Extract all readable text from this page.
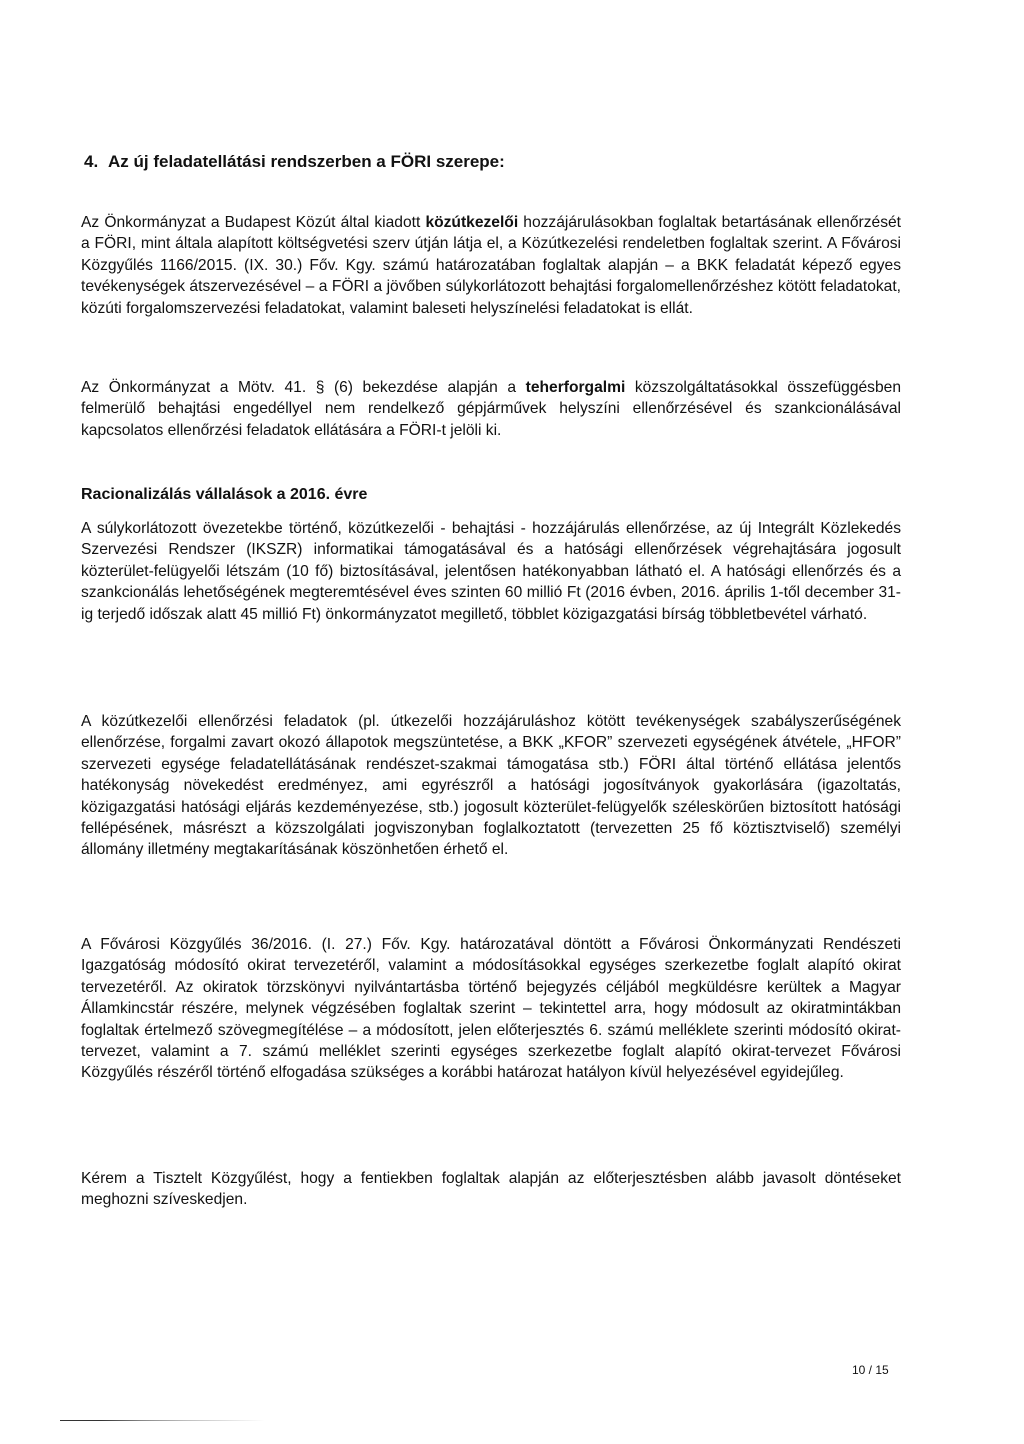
4. Az új feladatellátási rendszerben a FÖRI szerepe:

Az Önkormányzat a Budapest Közút által kiadott közútkezelői hozzájárulásokban foglaltak betartásának ellenőrzését a FÖRI, mint általa alapított költségvetési szerv útján látja el, a Közútkezelési rendeletben foglaltak szerint. A Fővárosi Közgyűlés 1166/2015. (IX. 30.) Főv. Kgy. számú határozatában foglaltak alapján – a BKK feladatát képező egyes tevékenységek átszervezésével – a FÖRI a jövőben súlykorlátozott behajtási forgalomellenőrzéshez kötött feladatokat, közúti forgalomszervezési feladatokat, valamint baleseti helyszínelési feladatokat is ellát.

Az Önkormányzat a Mötv. 41. § (6) bekezdése alapján a teherforgalmi közszolgáltatásokkal összefüggésben felmerülő behajtási engedéllyel nem rendelkező gépjárművek helyszíni ellenőrzésével és szankcionálásával kapcsolatos ellenőrzési feladatok ellátására a FÖRI-t jelöli ki.

Racionalizálás vállalások a 2016. évre

A súlykorlátozott övezetekbe történő, közútkezelői - behajtási - hozzájárulás ellenőrzése, az új Integrált Közlekedés Szervezési Rendszer (IKSZR) informatikai támogatásával és a hatósági ellenőrzések végrehajtására jogosult közterület-felügyelői létszám (10 fő) biztosításával, jelentősen hatékonyabban látható el. A hatósági ellenőrzés és a szankcionálás lehetőségének megteremtésével éves szinten 60 millió Ft (2016 évben, 2016. április 1-től december 31-ig terjedő időszak alatt 45 millió Ft) önkormányzatot megillető, többlet közigazgatási bírság többletbevétel várható.

A közútkezelői ellenőrzési feladatok (pl. útkezelői hozzájáruláshoz kötött tevékenységek szabályszerűségének ellenőrzése, forgalmi zavart okozó állapotok megszüntetése, a BKK „KFOR” szervezeti egységének átvétele, „HFOR” szervezeti egysége feladatellátásának rendészet-szakmai támogatása stb.) FÖRI által történő ellátása jelentős hatékonyság növekedést eredményez, ami egyrészről a hatósági jogosítványok gyakorlására (igazoltatás, közigazgatási hatósági eljárás kezdeményezése, stb.) jogosult közterület-felügyelők széleskörűen biztosított hatósági fellépésének, másrészt a közszolgálati jogviszonyban foglalkoztatott (tervezetten 25 fő köztisztviselő) személyi állomány illetmény megtakarításának köszönhetően érhető el.

A Fővárosi Közgyűlés 36/2016. (I. 27.) Főv. Kgy. határozatával döntött a Fővárosi Önkormányzati Rendészeti Igazgatóság módosító okirat tervezetéről, valamint a módosításokkal egységes szerkezetbe foglalt alapító okirat tervezetéről. Az okiratok törzskönyvi nyilvántartásba történő bejegyzés céljából megküldésre kerültek a Magyar Államkincstár részére, melynek végzésében foglaltak szerint – tekintettel arra, hogy módosult az okiratmintákban foglaltak értelmező szövegmegítélése – a módosított, jelen előterjesztés 6. számú melléklete szerinti módosító okirat-tervezet, valamint a 7. számú melléklet szerinti egységes szerkezetbe foglalt alapító okirat-tervezet Fővárosi Közgyűlés részéről történő elfogadása szükséges a korábbi határozat hatályon kívül helyezésével egyidejűleg.

Kérem a Tisztelt Közgyűlést, hogy a fentiekben foglaltak alapján az előterjesztésben alább javasolt döntéseket meghozni szíveskedjen.

10 / 15
